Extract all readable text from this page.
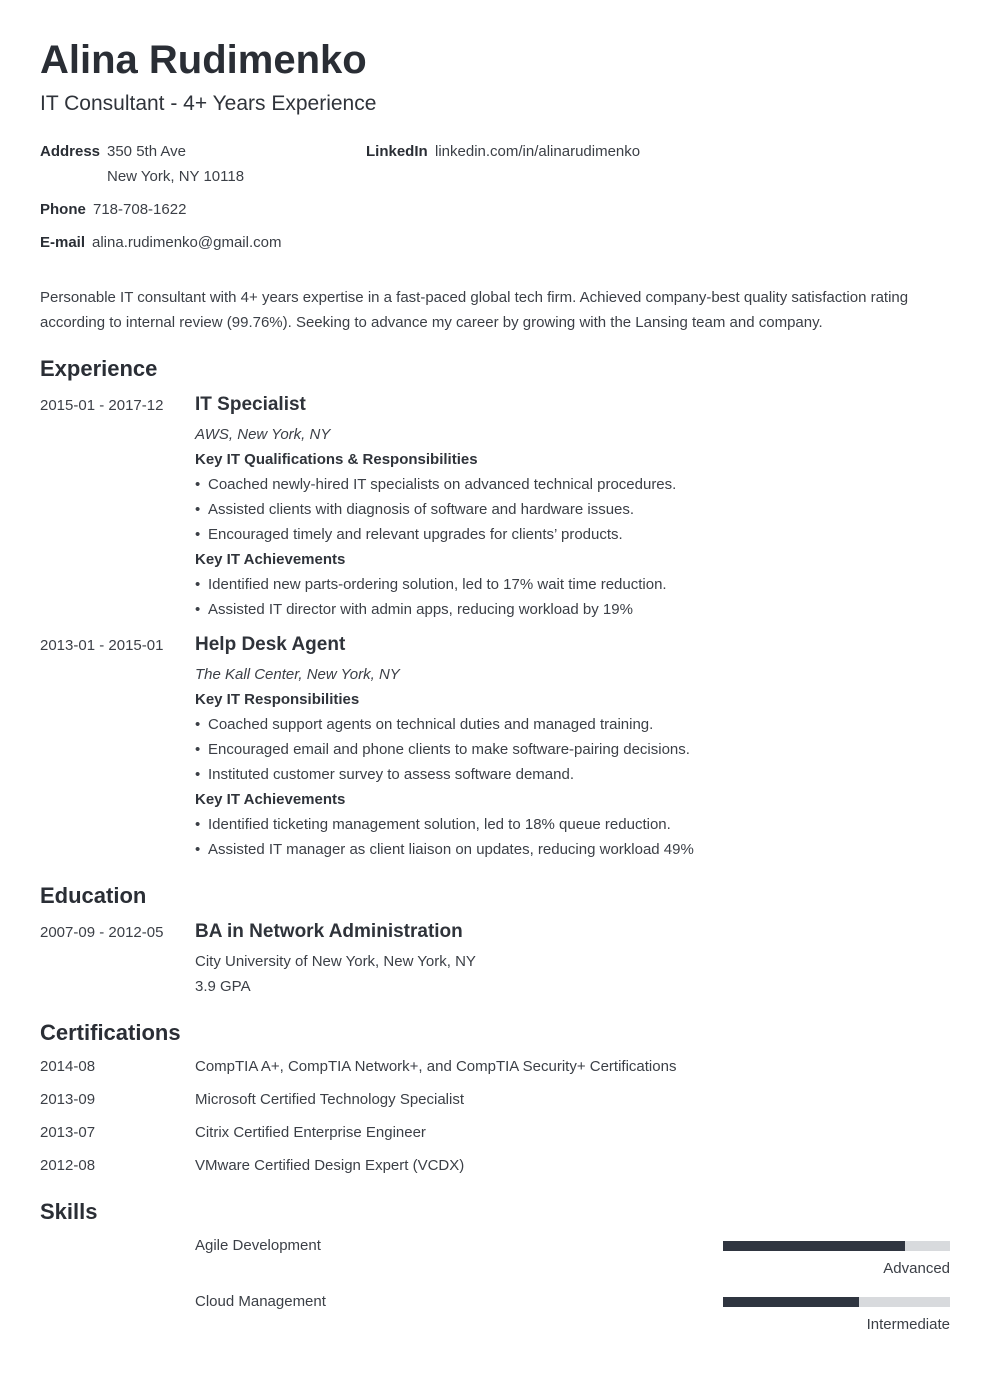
Alina Rudimenko
IT Consultant - 4+ Years Experience
Address 350 5th Ave
New York, NY 10118
LinkedIn linkedin.com/in/alinarudimenko
Phone 718-708-1622
E-mail alina.rudimenko@gmail.com
Personable IT consultant with 4+ years expertise in a fast-paced global tech firm. Achieved company-best quality satisfaction rating according to internal review (99.76%). Seeking to advance my career by growing with the Lansing team and company.
Experience
2015-01 - 2017-12 IT Specialist
AWS, New York, NY
Key IT Qualifications & Responsibilities
• Coached newly-hired IT specialists on advanced technical procedures.
• Assisted clients with diagnosis of software and hardware issues.
• Encouraged timely and relevant upgrades for clients’ products.
Key IT Achievements
• Identified new parts-ordering solution, led to 17% wait time reduction.
• Assisted IT director with admin apps, reducing workload by 19%
2013-01 - 2015-01 Help Desk Agent
The Kall Center, New York, NY
Key IT Responsibilities
• Coached support agents on technical duties and managed training.
• Encouraged email and phone clients to make software-pairing decisions.
• Instituted customer survey to assess software demand.
Key IT Achievements
• Identified ticketing management solution, led to 18% queue reduction.
• Assisted IT manager as client liaison on updates, reducing workload 49%
Education
2007-09 - 2012-05 BA in Network Administration
City University of New York, New York, NY
3.9 GPA
Certifications
2014-08	CompTIA A+, CompTIA Network+, and CompTIA Security+ Certifications
2013-09	Microsoft Certified Technology Specialist
2013-07	Citrix Certified Enterprise Engineer
2012-08	VMware Certified Design Expert (VCDX)
Skills
Agile Development
Advanced
Cloud Management
Intermediate
